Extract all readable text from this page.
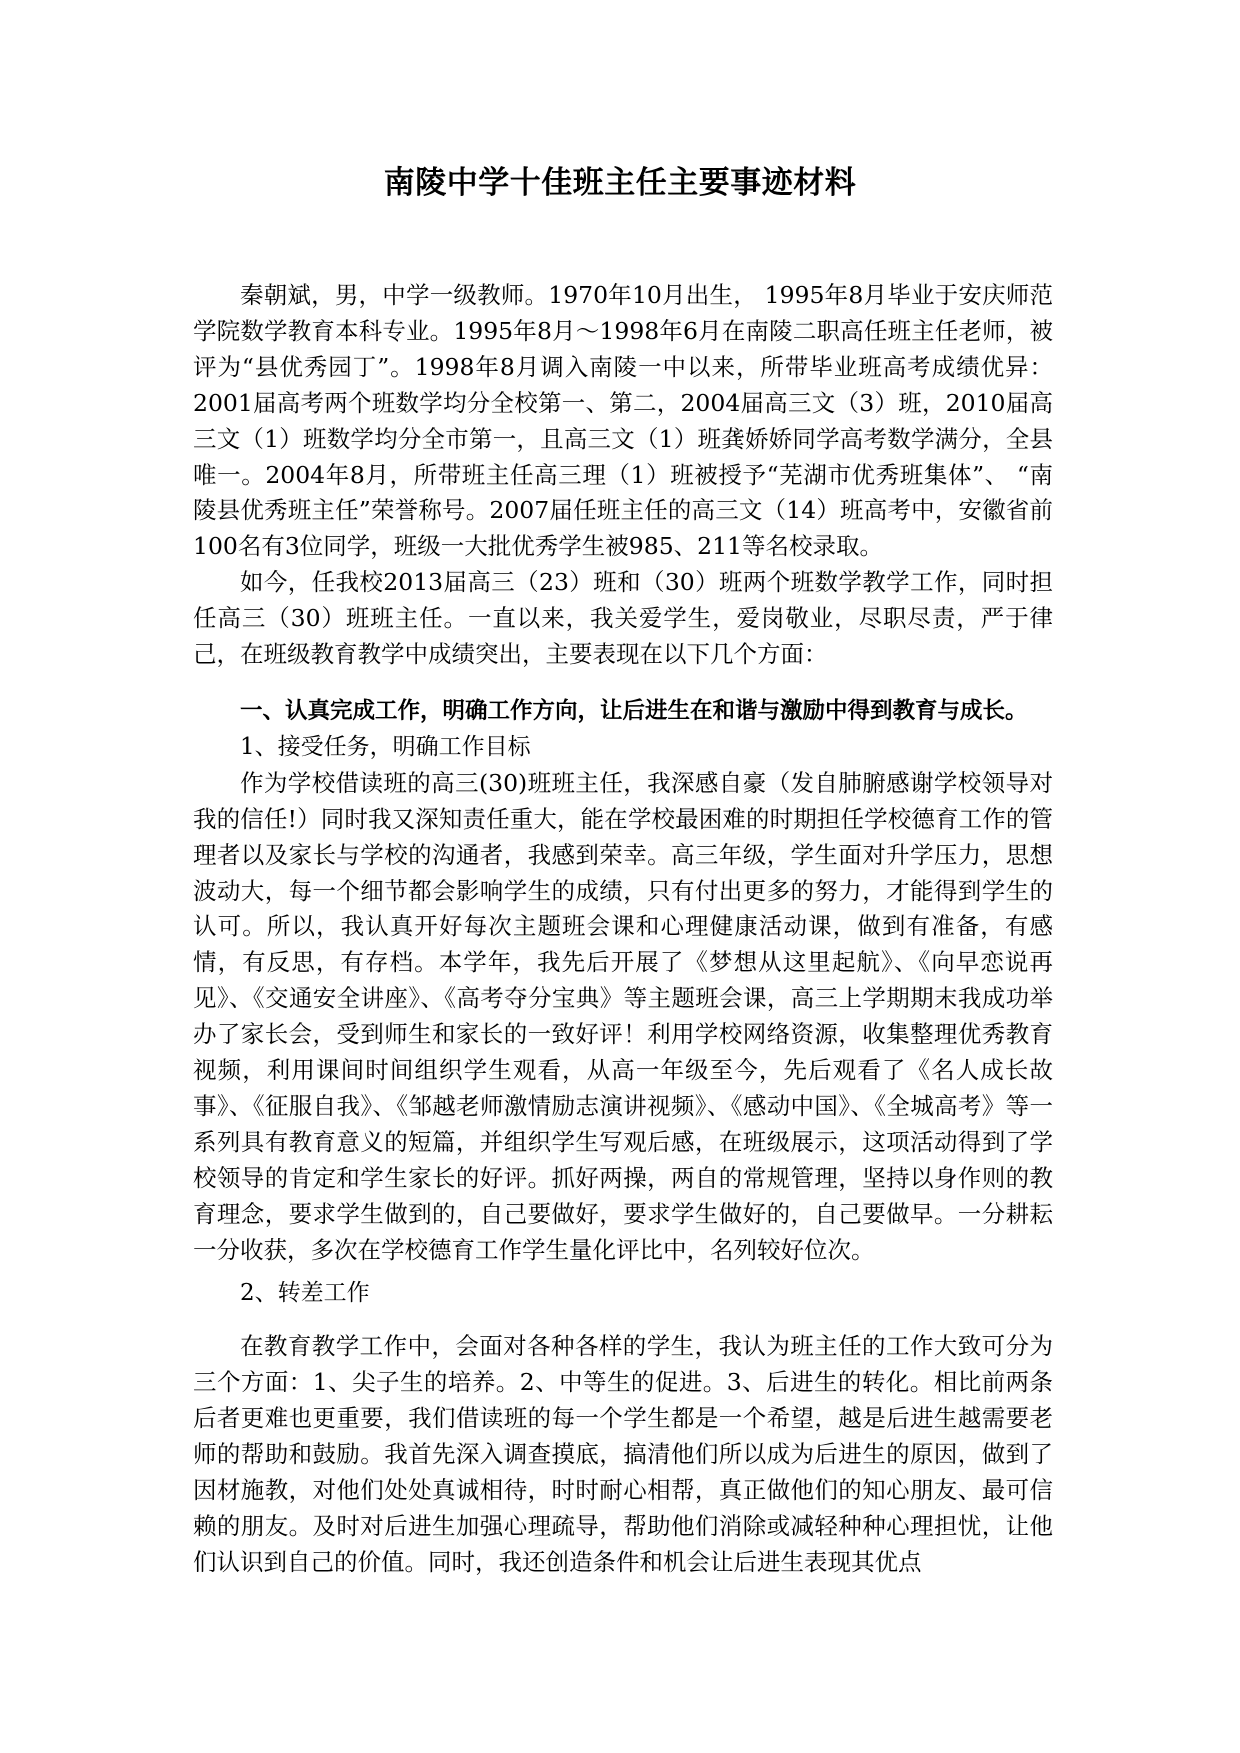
南陵中学十佳班主任主要事迹材料

秦朝斌，男，中学一级教师。1970年10月出生， 1995年8月毕业于安庆师范学院数学教育本科专业。1995年8月～1998年6月在南陵二职高任班主任老师，被评为“县优秀园丁”。1998年8月调入南陵一中以来，所带毕业班高考成绩优异：2001届高考两个班数学均分全校第一、第二，2004届高三文（3）班，2010届高三文（1）班数学均分全市第一，且高三文（1）班龚娇娇同学高考数学满分，全县唯一。2004年8月，所带班主任高三理（1）班被授予“芜湖市优秀班集体”、 “南陵县优秀班主任”荣誉称号。2007届任班主任的高三文（14）班高考中，安徽省前100名有3位同学，班级一大批优秀学生被985、211等名校录取。

如今，任我校2013届高三（23）班和（30）班两个班数学教学工作，同时担任高三（30）班班主任。一直以来，我关爱学生，爱岗敬业，尽职尽责，严于律己，在班级教育教学中成绩突出，主要表现在以下几个方面：

一、认真完成工作，明确工作方向，让后进生在和谐与激励中得到教育与成长。

1、接受任务，明确工作目标

作为学校借读班的高三(30)班班主任，我深感自豪（发自肺腑感谢学校领导对我的信任!）同时我又深知责任重大，能在学校最困难的时期担任学校德育工作的管理者以及家长与学校的沟通者，我感到荣幸。高三年级，学生面对升学压力，思想波动大，每一个细节都会影响学生的成绩，只有付出更多的努力，才能得到学生的认可。所以，我认真开好每次主题班会课和心理健康活动课，做到有准备，有感情，有反思，有存档。本学年，我先后开展了《梦想从这里起航》、《向早恋说再见》、《交通安全讲座》、《高考夺分宝典》等主题班会课，高三上学期期末我成功举办了家长会，受到师生和家长的一致好评！利用学校网络资源，收集整理优秀教育视频，利用课间时间组织学生观看，从高一年级至今，先后观看了《名人成长故事》、《征服自我》、《邹越老师激情励志演讲视频》、《感动中国》、《全城高考》等一系列具有教育意义的短篇，并组织学生写观后感，在班级展示，这项活动得到了学校领导的肯定和学生家长的好评。抓好两操，两自的常规管理，坚持以身作则的教育理念，要求学生做到的，自己要做好，要求学生做好的，自己要做早。一分耕耘一分收获，多次在学校德育工作学生量化评比中，名列较好位次。

2、转差工作

在教育教学工作中，会面对各种各样的学生，我认为班主任的工作大致可分为三个方面：1、尖子生的培养。2、中等生的促进。3、后进生的转化。相比前两条后者更难也更重要，我们借读班的每一个学生都是一个希望，越是后进生越需要老师的帮助和鼓励。我首先深入调查摸底，搞清他们所以成为后进生的原因，做到了因材施教，对他们处处真诚相待，时时耐心相帮，真正做他们的知心朋友、最可信赖的朋友。及时对后进生加强心理疏导，帮助他们消除或减轻种种心理担忧，让他们认识到自己的价值。同时，我还创造条件和机会让后进生表现其优点
